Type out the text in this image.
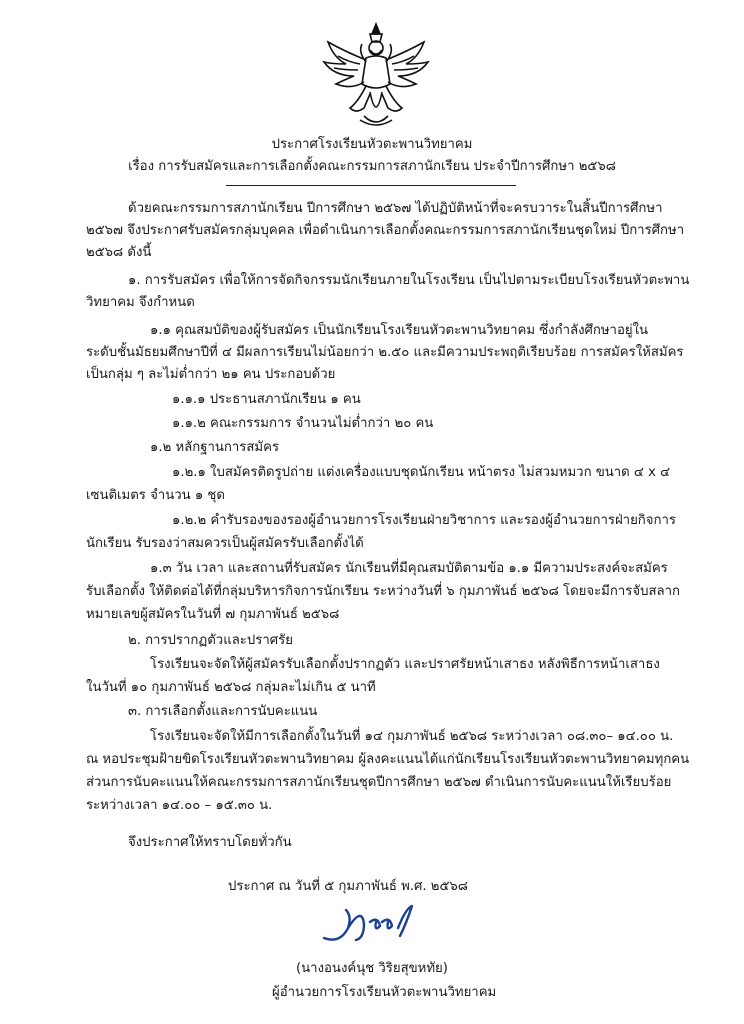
ประกาศโรงเรียนหัวตะพานวิทยาคม
เรื่อง การรับสมัครและการเลือกตั้งคณะกรรมการสภานักเรียน ประจำปีการศึกษา ๒๕๖๘
ด้วยคณะกรรมการสภานักเรียน ปีการศึกษา ๒๕๖๗ ได้ปฏิบัติหน้าที่จะครบวาระในสิ้นปีการศึกษา
๒๕๖๗ จึงประกาศรับสมัครกลุ่มบุคคล เพื่อดำเนินการเลือกตั้งคณะกรรมการสภานักเรียนชุดใหม่ ปีการศึกษา
๒๕๖๘ ดังนี้
๑. การรับสมัคร เพื่อให้การจัดกิจกรรมนักเรียนภายในโรงเรียน เป็นไปตามระเบียบโรงเรียนหัวตะพาน
วิทยาคม จึงกำหนด
๑.๑ คุณสมบัติของผู้รับสมัคร เป็นนักเรียนโรงเรียนหัวตะพานวิทยาคม ซึ่งกำลังศึกษาอยู่ใน
ระดับชั้นมัธยมศึกษาปีที่ ๔ มีผลการเรียนไม่น้อยกว่า ๒.๕๐ และมีความประพฤติเรียบร้อย การสมัครให้สมัคร
เป็นกลุ่ม ๆ ละไม่ต่ำกว่า ๒๑ คน ประกอบด้วย
๑.๑.๑ ประธานสภานักเรียน ๑ คน
๑.๑.๒ คณะกรรมการ จำนวนไม่ต่ำกว่า ๒๐ คน
๑.๒ หลักฐานการสมัคร
๑.๒.๑ ใบสมัครติดรูปถ่าย แต่งเครื่องแบบชุดนักเรียน หน้าตรง ไม่สวมหมวก ขนาด ๔ x ๔
เซนติเมตร จำนวน ๑ ชุด
๑.๒.๒ คำรับรองของรองผู้อำนวยการโรงเรียนฝ่ายวิชาการ และรองผู้อำนวยการฝ่ายกิจการ
นักเรียน รับรองว่าสมควรเป็นผู้สมัครรับเลือกตั้งได้
๑.๓ วัน เวลา และสถานที่รับสมัคร นักเรียนที่มีคุณสมบัติตามข้อ ๑.๑ มีความประสงค์จะสมัคร
รับเลือกตั้ง ให้ติดต่อได้ที่กลุ่มบริหารกิจการนักเรียน ระหว่างวันที่ ๖ กุมภาพันธ์ ๒๕๖๘ โดยจะมีการจับสลาก
หมายเลขผู้สมัครในวันที่ ๗ กุมภาพันธ์ ๒๕๖๘
๒. การปรากฏตัวและปราศรัย
โรงเรียนจะจัดให้ผู้สมัครรับเลือกตั้งปรากฏตัว และปราศรัยหน้าเสาธง หลังพิธีการหน้าเสาธง
ในวันที่ ๑๐ กุมภาพันธ์ ๒๕๖๘ กลุ่มละไม่เกิน ๕ นาที
๓. การเลือกตั้งและการนับคะแนน
โรงเรียนจะจัดให้มีการเลือกตั้งในวันที่ ๑๔ กุมภาพันธ์ ๒๕๖๘ ระหว่างเวลา ๐๘.๓๐– ๑๔.๐๐ น.
ณ หอประชุมฝ้ายขิดโรงเรียนหัวตะพานวิทยาคม ผู้ลงคะแนนได้แก่นักเรียนโรงเรียนหัวตะพานวิทยาคมทุกคน
ส่วนการนับคะแนนให้คณะกรรมการสภานักเรียนชุดปีการศึกษา ๒๕๖๗ ดำเนินการนับคะแนนให้เรียบร้อย
ระหว่างเวลา ๑๔.๐๐ – ๑๕.๓๐ น.
จึงประกาศให้ทราบโดยทั่วกัน
ประกาศ ณ วันที่ ๕ กุมภาพันธ์ พ.ศ. ๒๕๖๘
(นางอนงค์นุช วิริยสุขหทัย)
ผู้อำนวยการโรงเรียนหัวตะพานวิทยาคม
